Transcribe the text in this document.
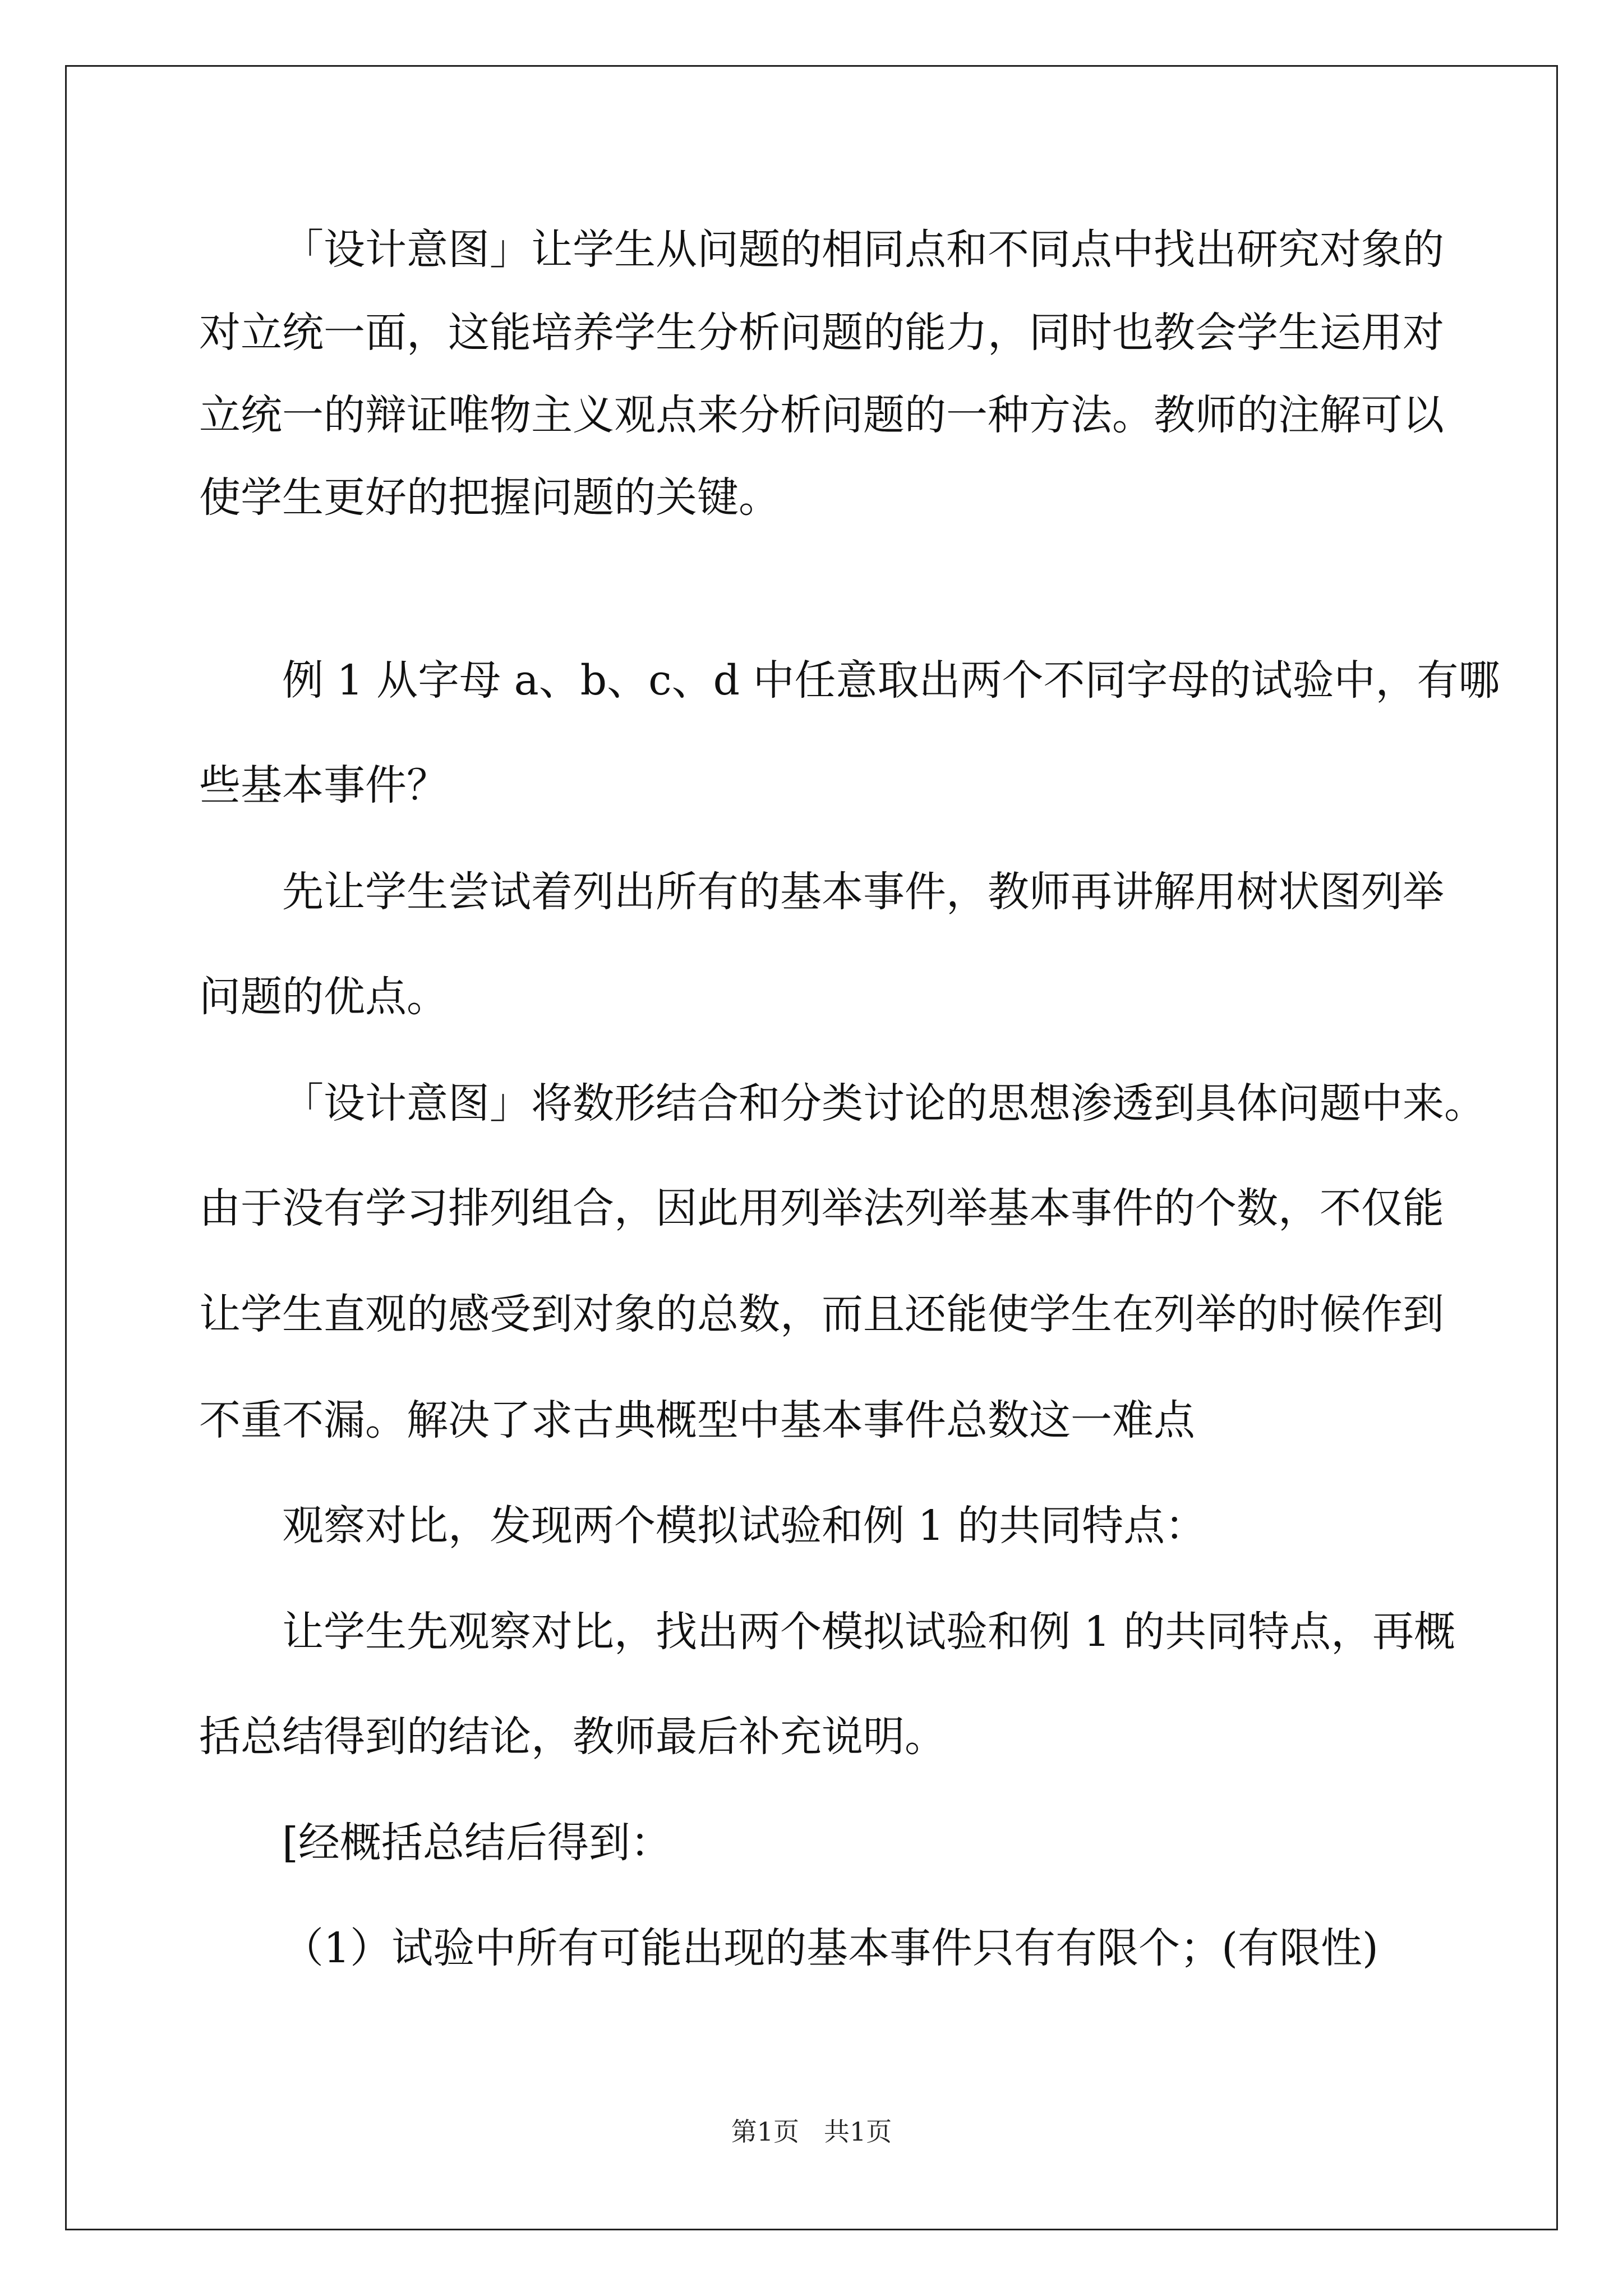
「设计意图」让学生从问题的相同点和不同点中找出研究对象的
对立统一面，这能培养学生分析问题的能力，同时也教会学生运用对
立统一的辩证唯物主义观点来分析问题的一种方法。教师的注解可以
使学生更好的把握问题的关键。
例 1 从字母 a、b、c、d 中任意取出两个不同字母的试验中，有哪
些基本事件？
先让学生尝试着列出所有的基本事件，教师再讲解用树状图列举
问题的优点。
「设计意图」将数形结合和分类讨论的思想渗透到具体问题中来。
由于没有学习排列组合，因此用列举法列举基本事件的个数，不仅能
让学生直观的感受到对象的总数，而且还能使学生在列举的时候作到
不重不漏。解决了求古典概型中基本事件总数这一难点
观察对比，发现两个模拟试验和例 1 的共同特点：
让学生先观察对比，找出两个模拟试验和例 1 的共同特点，再概
括总结得到的结论，教师最后补充说明。
[经概括总结后得到：
（1）试验中所有可能出现的基本事件只有有限个；(有限性)
第1页 共1页
